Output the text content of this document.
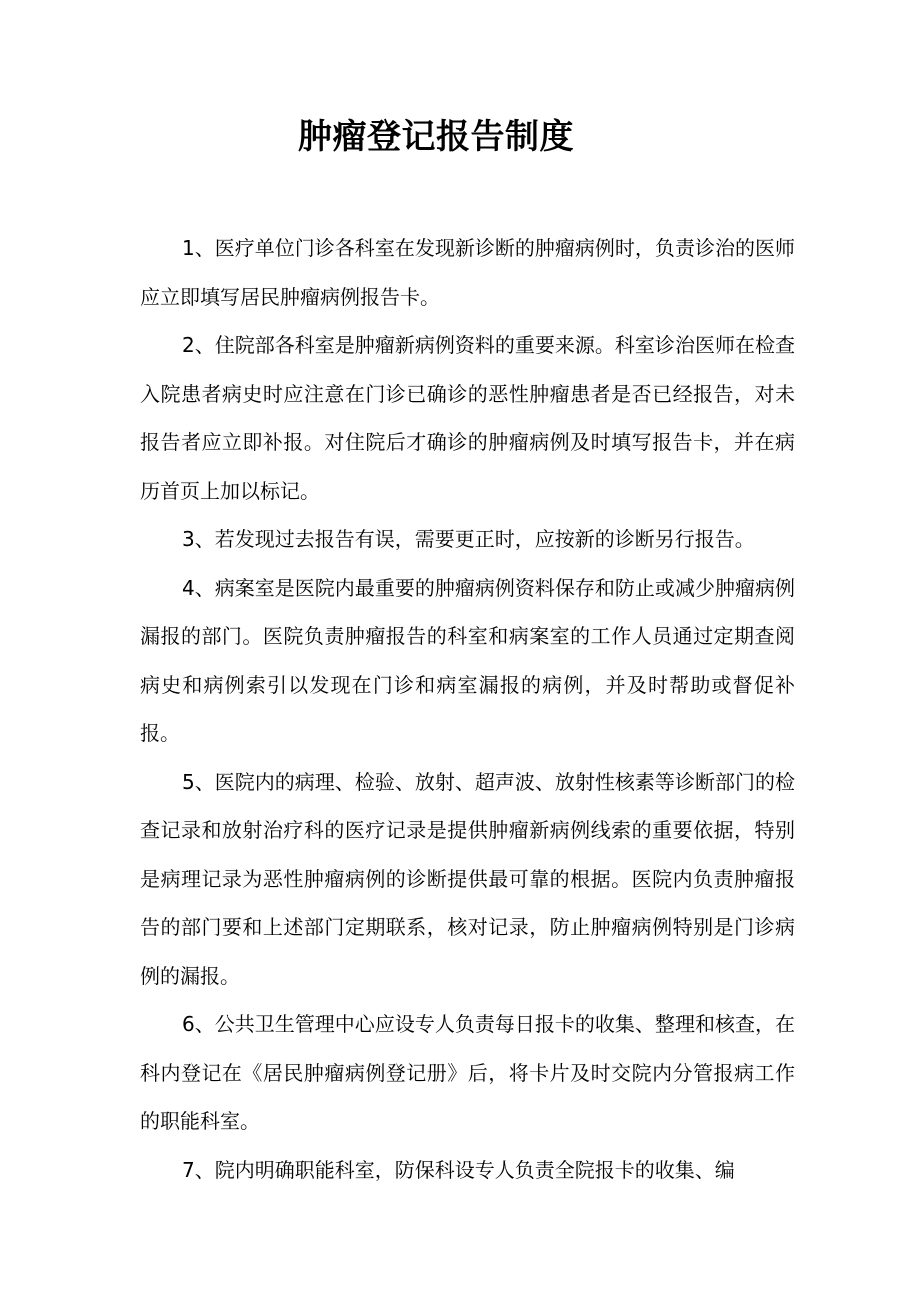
肿瘤登记报告制度

1、医疗单位门诊各科室在发现新诊断的肿瘤病例时，负责诊治的医师应立即填写居民肿瘤病例报告卡。

2、住院部各科室是肿瘤新病例资料的重要来源。科室诊治医师在检查入院患者病史时应注意在门诊已确诊的恶性肿瘤患者是否已经报告，对未报告者应立即补报。对住院后才确诊的肿瘤病例及时填写报告卡，并在病历首页上加以标记。

3、若发现过去报告有误，需要更正时，应按新的诊断另行报告。

4、病案室是医院内最重要的肿瘤病例资料保存和防止或减少肿瘤病例漏报的部门。医院负责肿瘤报告的科室和病案室的工作人员通过定期查阅病史和病例索引以发现在门诊和病室漏报的病例，并及时帮助或督促补报。

5、医院内的病理、检验、放射、超声波、放射性核素等诊断部门的检查记录和放射治疗科的医疗记录是提供肿瘤新病例线索的重要依据，特别是病理记录为恶性肿瘤病例的诊断提供最可靠的根据。医院内负责肿瘤报告的部门要和上述部门定期联系，核对记录，防止肿瘤病例特别是门诊病例的漏报。

6、公共卫生管理中心应设专人负责每日报卡的收集、整理和核查，在科内登记在《居民肿瘤病例登记册》后，将卡片及时交院内分管报病工作的职能科室。

7、院内明确职能科室，防保科设专人负责全院报卡的收集、编
